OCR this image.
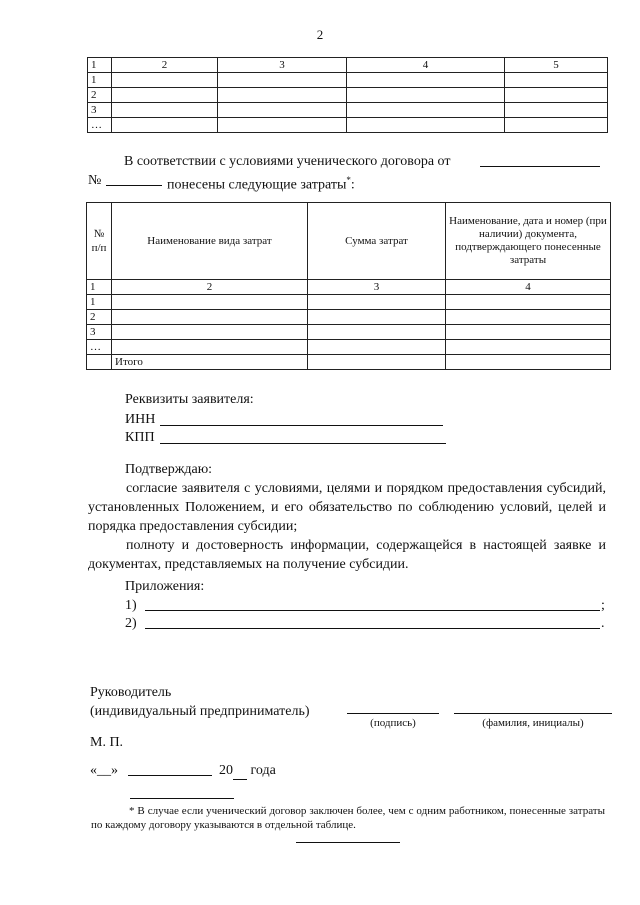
2
1	2	3	4	5
1				
2				
3				
…				
В соответствии с условиями ученического договора от
№	понесены следующие затраты*:
№ п/п	Наименование вида затрат	Сумма затрат	Наименование, дата и номер (при наличии) документа, подтверждающего понесенные затраты
1	2	3	4
1			
2			
3			
…			
	Итого		
Реквизиты заявителя:
ИНН
КПП
Подтверждаю:
согласие заявителя с условиями, целями и порядком предоставления субсидий, установленных Положением, и его обязательство по соблюдению условий, целей и порядка предоставления субсидии;
полноту и достоверность информации, содержащейся в настоящей заявке и документах, представляемых на получение субсидии.
Приложения:
1)	;
2)	.
Руководитель
(индивидуальный предприниматель)
(подпись)	(фамилия, инициалы)
М. П.
«__»	20 года
* В случае если ученический договор заключен более, чем с одним работником, понесенные затраты по каждому договору указываются в отдельной таблице.
